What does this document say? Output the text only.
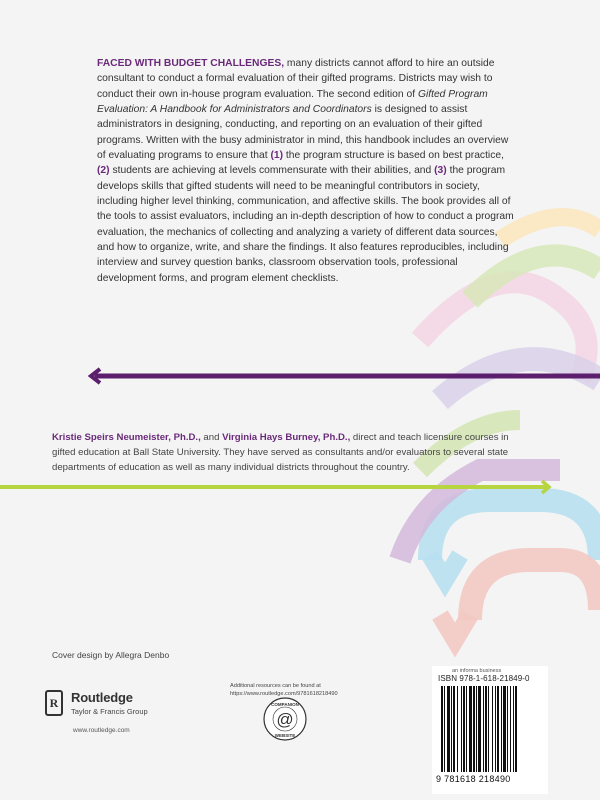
FACED WITH BUDGET CHALLENGES, many districts cannot afford to hire an outside consultant to conduct a formal evaluation of their gifted programs. Districts may wish to conduct their own in-house program evaluation. The second edition of Gifted Program Evaluation: A Handbook for Administrators and Coordinators is designed to assist administrators in designing, conducting, and reporting on an evaluation of their gifted programs. Written with the busy administrator in mind, this handbook includes an overview of evaluating programs to ensure that (1) the program structure is based on best practice, (2) students are achieving at levels commensurate with their abilities, and (3) the program develops skills that gifted students will need to be meaningful contributors in society, including higher level thinking, communication, and affective skills. The book provides all of the tools to assist evaluators, including an in-depth description of how to conduct a program evaluation, the mechanics of collecting and analyzing a variety of different data sources, and how to organize, write, and share the findings. It also features reproducibles, including interview and survey question banks, classroom observation tools, professional development forms, and program element checklists.
Kristie Speirs Neumeister, Ph.D., and Virginia Hays Burney, Ph.D., direct and teach licensure courses in gifted education at Ball State University. They have served as consultants and/or evaluators to several state departments of education as well as many individual districts throughout the country.
Cover design by Allegra Denbo
R Routledge
Taylor & Francis Group
www.routledge.com
Additional resources can be found at
https://www.routledge.com/9781618218490
@
COMPANION
WEBSITE
an informa business
ISBN 978-1-618-21849-0
9 781618 218490
